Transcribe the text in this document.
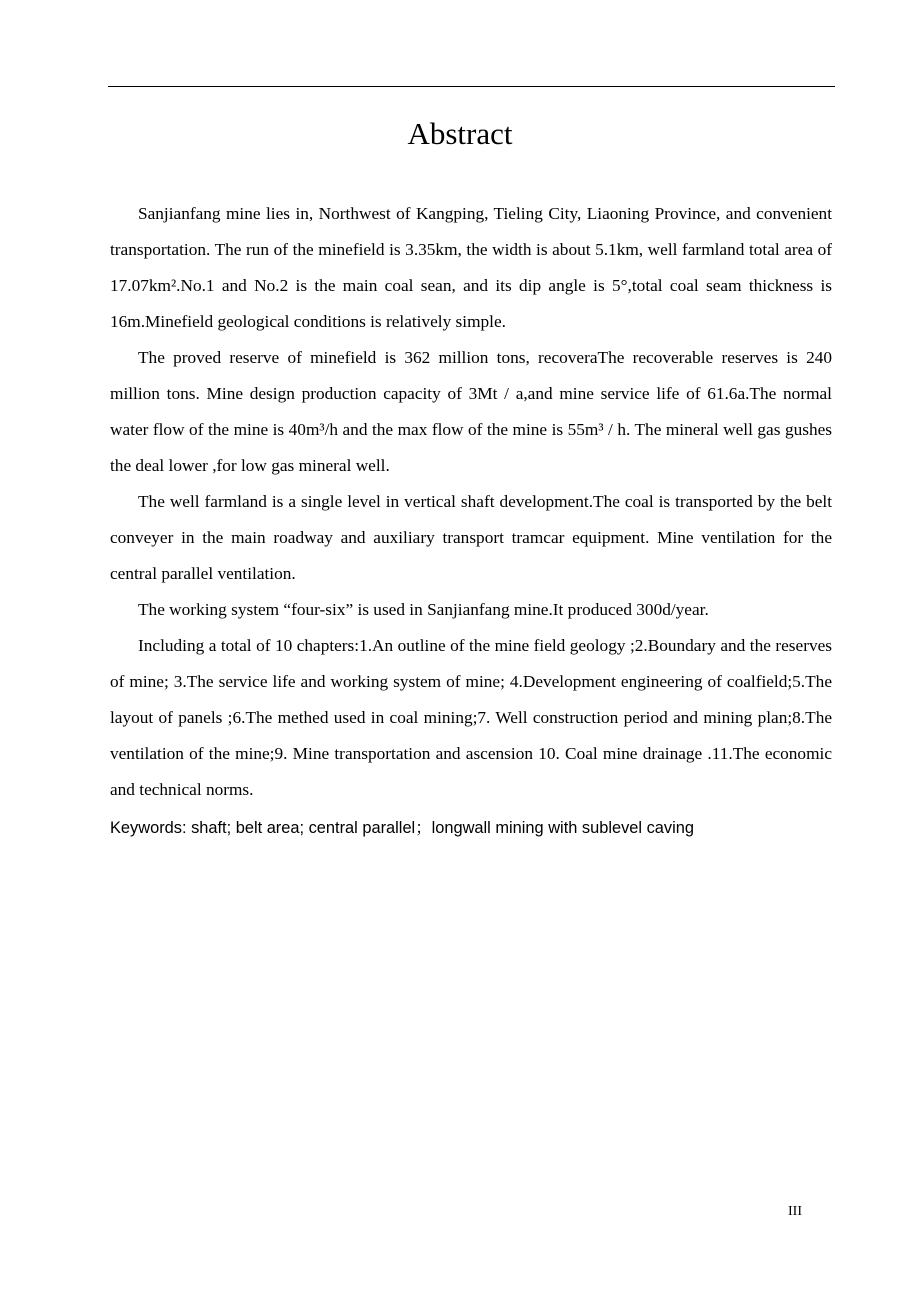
Abstract

Sanjianfang mine lies in, Northwest of Kangping, Tieling City, Liaoning Province, and convenient transportation. The run of the minefield is 3.35km, the width is about 5.1km, well farmland total area of 17.07km².No.1 and No.2 is the main coal sean, and its dip angle is 5°,total coal seam thickness is 16m.Minefield geological conditions is relatively simple.

The proved reserve of minefield is 362 million tons, recoveraThe recoverable reserves is 240 million tons. Mine design production capacity of 3Mt / a,and mine service life of 61.6a.The normal water flow of the mine is 40m³/h and the max flow of the mine is 55m³ / h. The mineral well gas gushes the deal lower ,for low gas mineral well.

The well farmland is a single level in vertical shaft development.The coal is transported by the belt conveyer in the main roadway and auxiliary transport tramcar equipment. Mine ventilation for the central parallel ventilation.

The working system “four-six” is used in Sanjianfang mine.It produced 300d/year.

Including a total of 10 chapters:1.An outline of the mine field geology ;2.Boundary and the reserves of mine; 3.The service life and working system of mine; 4.Development engineering of coalfield;5.The layout of panels ;6.The methed used in coal mining;7. Well construction period and mining plan;8.The ventilation of the mine;9. Mine transportation and ascension 10. Coal mine drainage .11.The economic and technical norms.

Keywords: shaft; belt area; central parallel；longwall mining with sublevel caving

III
